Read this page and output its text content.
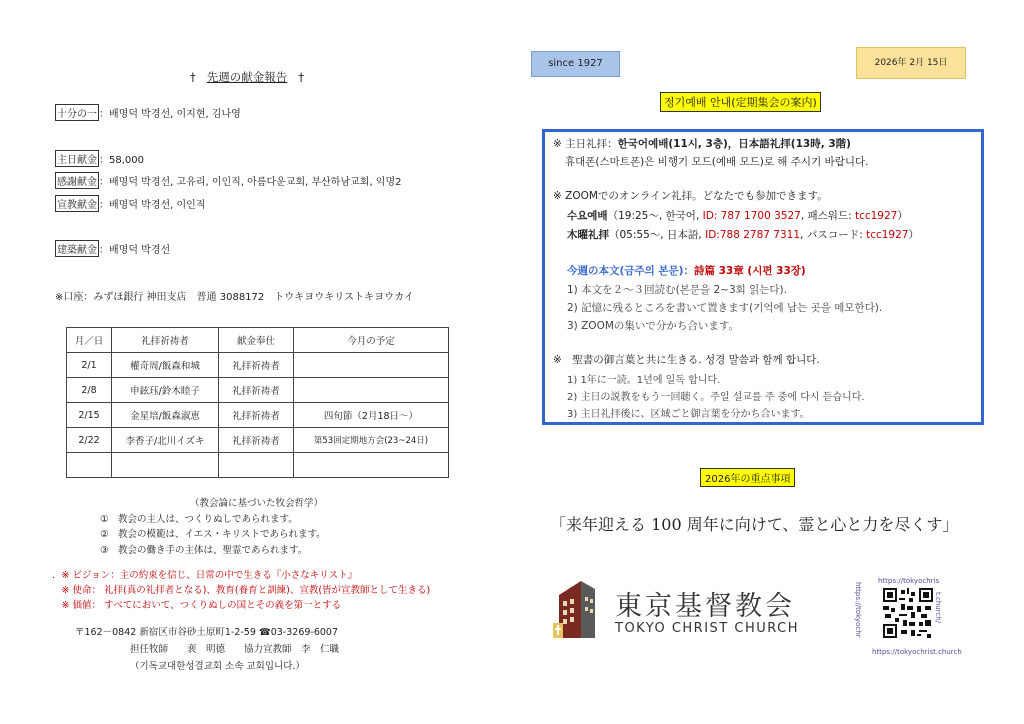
† 先週の献金報告 †
十分の一 ：배명덕 박경선, 이지현, 김나영
主日献金 ：58,000
感謝献金 ：배명덕 박경선, 고유리, 이인직, 아름다운교회, 부산하남교회, 익명2
宣教献金 ：배명덕 박경선, 이인직
建築献金 ：배명덕 박경선
※口座：みずほ銀行 神田支店　普通 3088172　トウキヨウキリストキヨウカイ
月／日	礼拝祈祷者	献金奉仕	今月の予定
2/1	權奇周/飯森和城	礼拝祈祷者	
2/8	申鉉珏/鈴木睦子	礼拝祈祷者	
2/15	金星培/飯森淑恵	礼拝祈祷者	四旬節（2月18日～）
2/22	李香子/北川イズキ	礼拝祈祷者	第53回定期地方会(23~24日)

（教会論に基づいた牧会哲学）
①　教会の主人は、つくりぬしであられます。
②　教会の模範は、イエス・キリストであられます。
③　教会の働き手の主体は、聖霊であられます。
．※ ビジョン：主の約束を信じ、日常の中で生きる『小さなキリスト』
　※ 使命： 礼拝(真の礼拝者となる)、教育(養育と訓練)、宣教(皆が宣教師として生きる)
　※ 価値： すべてにおいて、つくりぬしの国とその義を第一とする
〒162－0842 新宿区市谷砂土原町1-2-59 ☎03-3269-6007
担任牧師　　裵　明德　　協力宣教師　李　仁職
（기독교대한성결교회 소속 교회입니다.）
since 1927	2026年 2月 15日
정기예배 안내(定期集会の案内)
※ 主日礼拝：한국어예배(11시, 3층)，日本語礼拝(13時, 3階)
휴대폰(스마트폰)은 비행기 모드(예배 모드)로 해 주시기 바랍니다.
※ ZOOMでのオンライン礼拝。どなたでも参加できます。
수요예배（19:25～, 한국어, ID: 787 1700 3527, 패스워드: tcc1927）
木曜礼拝（05:55～, 日本語, ID:788 2787 7311, パスコード: tcc1927）
今週の本文(금주의 본문)：詩篇 33章 (시편 33장)
1) 本文を２～３回読む(본문을 2~3회 읽는다).
2) 記憶に残るところを書いて置きます(기억에 남는 곳을 메모한다).
3) ZOOMの集いで分かち合います。
※　聖書の御言葉と共に生きる. 성경 말씀과 함께 합니다.
1) 1年に一読。1년에 일독 합니다.
2) 主日の説教をもう一回聴く。주일 설교를 주 중에 다시 듣습니다.
3) 主日礼拝後に、区域ごと御言葉を分かち合います。
2026年の重点事項
「来年迎える 100 周年に向けて、霊と心と力を尽くす」
東京基督教会
TOKYO CHRIST CHURCH
https://tokyochris
https://tokyochr	t.church/
https://tokyochrist.church
